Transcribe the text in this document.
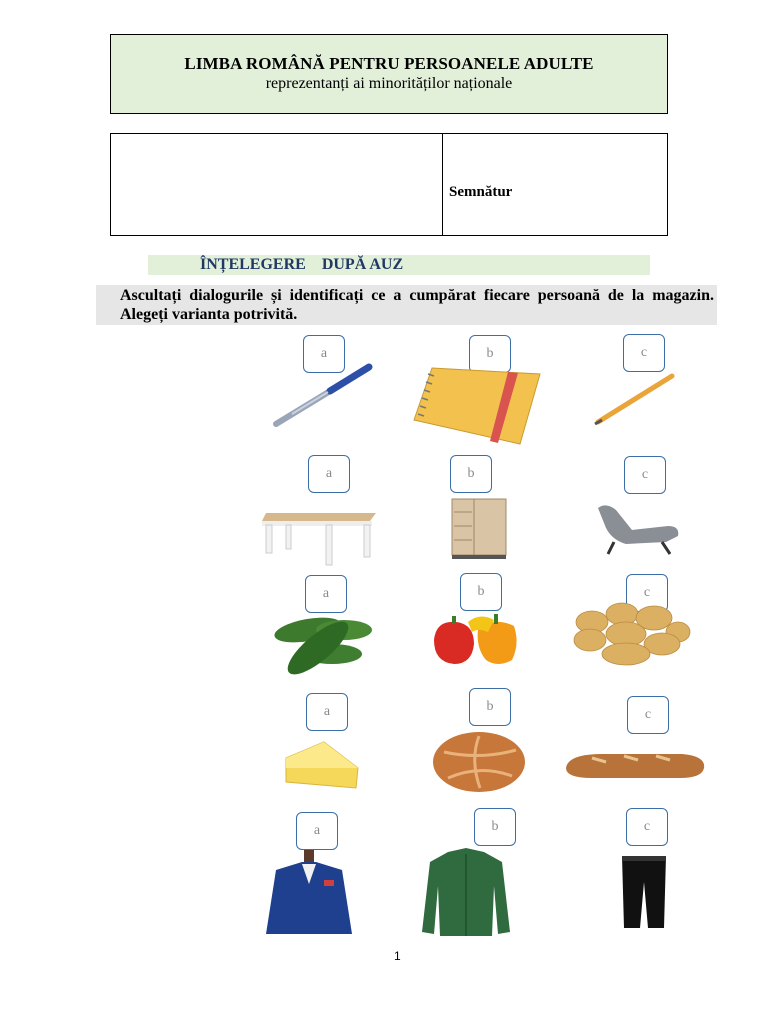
LIMBA ROMÂNĂ PENTRU PERSOANELE ADULTE
reprezentanți ai minorităților naționale
Semnătur
ÎNȚELEGERE    DUPĂ AUZ

Ascultați dialogurile și identificați ce a cumpărat fiecare persoană de la magazin. Alegeți varianta potrivită.

a	b	c
a	b	c
a	b	c
a	b
c
a	b	c
1
